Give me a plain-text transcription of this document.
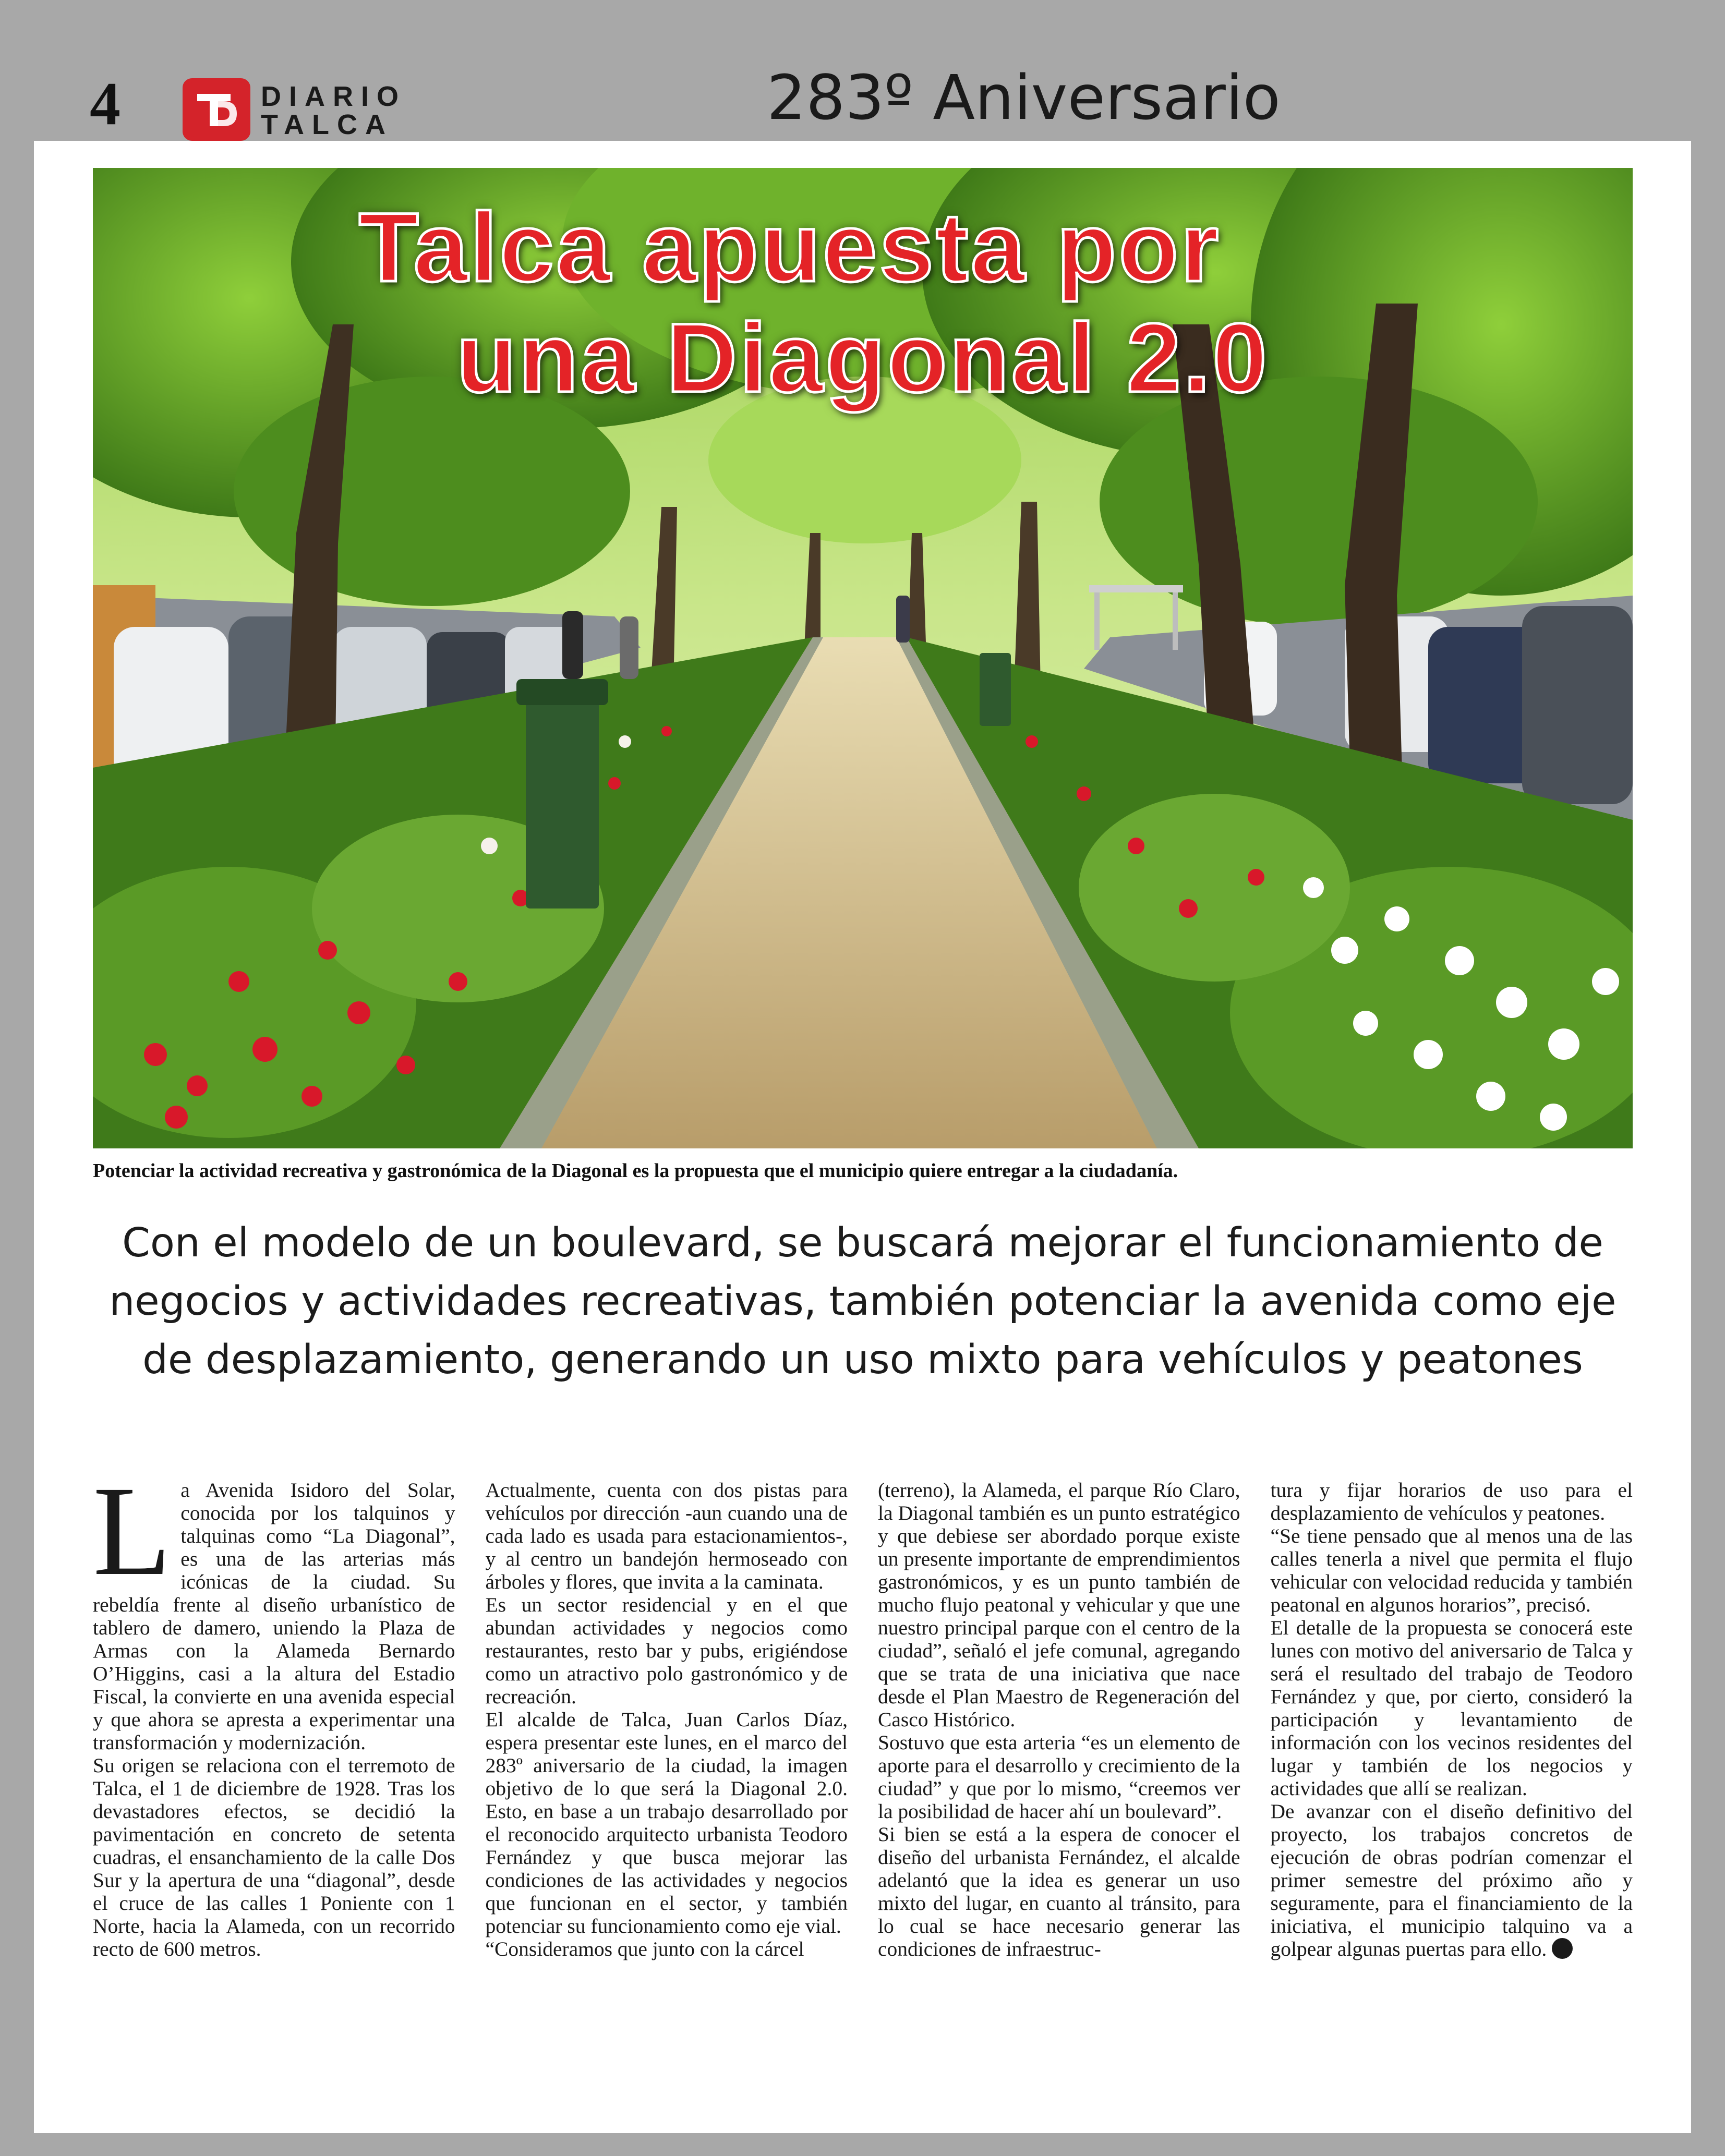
4	DIARIO
TALCA	283º Aniversario
Talca apuesta por
una Diagonal 2.0
Potenciar la actividad recreativa y gastronómica de la Diagonal es la propuesta que el municipio quiere entregar a la ciudadanía.
Con el modelo de un boulevard, se buscará mejorar el funcionamiento de negocios y actividades recreativas, también potenciar la avenida como eje de desplazamiento, generando un uso mixto para vehículos y peatones
L a Avenida Isidoro del Solar, conocida por los talquinos y talquinas como “La Diagonal”, es una de las arterias más icónicas de la ciudad. Su rebeldía frente al diseño urbanístico de tablero de damero, uniendo la Plaza de Armas con la Alameda Bernardo O’Higgins, casi a la altura del Estadio Fiscal, la convierte en una avenida especial y que ahora se apresta a experimentar una transformación y modernización.

Su origen se relaciona con el terremoto de Talca, el 1 de diciembre de 1928. Tras los devastadores efectos, se decidió la pavimentación en concreto de setenta cuadras, el ensanchamiento de la calle Dos Sur y la apertura de una “diagonal”, desde el cruce de las calles 1 Poniente con 1 Norte, hacia la Alameda, con un recorrido recto de 600 metros.

Actualmente, cuenta con dos pistas para vehículos por dirección -aun cuando una de cada lado es usada para estacionamientos-, y al centro un bandejón hermoseado con árboles y flores, que invita a la caminata.

Es un sector residencial y en el que abundan actividades y negocios como restaurantes, resto bar y pubs, erigiéndose como un atractivo polo gastronómico y de recreación.

El alcalde de Talca, Juan Carlos Díaz, espera presentar este lunes, en el marco del 283º aniversario de la ciudad, la imagen objetivo de lo que será la Diagonal 2.0. Esto, en base a un trabajo desarrollado por el reconocido arquitecto urbanista Teodoro Fernández y que busca mejorar las condiciones de las actividades y negocios que funcionan en el sector, y también potenciar su funcionamiento como eje vial.

“Consideramos que junto con la cárcel

(terreno), la Alameda, el parque Río Claro, la Diagonal también es un punto estratégico y que debiese ser abordado porque existe un presente importante de emprendimientos gastronómicos, y es un punto también de mucho flujo peatonal y vehicular y que une nuestro principal parque con el centro de la ciudad”, señaló el jefe comunal, agregando que se trata de una iniciativa que nace desde el Plan Maestro de Regeneración del Casco Histórico.

Sostuvo que esta arteria “es un elemento de aporte para el desarrollo y crecimiento de la ciudad” y que por lo mismo, “creemos ver la posibilidad de hacer ahí un boulevard”.

Si bien se está a la espera de conocer el diseño del urbanista Fernández, el alcalde adelantó que la idea es generar un uso mixto del lugar, en cuanto al tránsito, para lo cual se hace necesario generar las condiciones de infraestruc-

tura y fijar horarios de uso para el desplazamiento de vehículos y peatones.

“Se tiene pensado que al menos una de las calles tenerla a nivel que permita el flujo vehicular con velocidad reducida y también peatonal en algunos horarios”, precisó.

El detalle de la propuesta se conocerá este lunes con motivo del aniversario de Talca y será el resultado del trabajo de Teodoro Fernández y que, por cierto, consideró la participación y levantamiento de información con los vecinos residentes del lugar y también de los negocios y actividades que allí se realizan.

De avanzar con el diseño definitivo del proyecto, los trabajos concretos de ejecución de obras podrían comenzar el primer semestre del próximo año y seguramente, para el financiamiento de la iniciativa, el municipio talquino va a golpear algunas puertas para ello.
